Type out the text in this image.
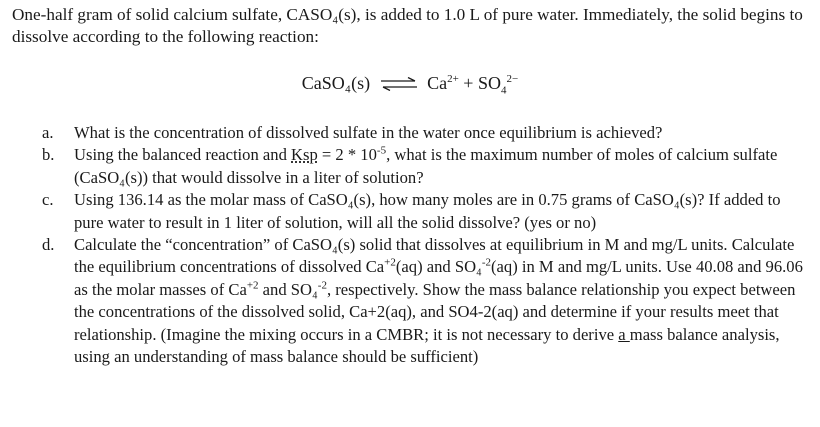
One-half gram of solid calcium sulfate, CASO₄(s), is added to 1.0 L of pure water. Immediately, the solid begins to dissolve according to the following reaction:
CaSO₄(s) ⇌ $Ca^{2+} + SO_4^{2-}$
a.	What is the concentration of dissolved sulfate in the water once equilibrium is achieved?
b.	Using the balanced reaction and Ksp = $2 * 10^{-5}$, what is the maximum number of moles of calcium sulfate (CaSO₄(s)) that would dissolve in a liter of solution?
c.	Using 136.14 as the molar mass of CaSO₄(s), how many moles are in 0.75 grams of CaSO₄(s)? If added to pure water to result in 1 liter of solution, will all the solid dissolve? (yes or no)
d.	Calculate the “concentration” of CaSO₄(s) solid that dissolves at equilibrium in M and mg/L units. Calculate the equilibrium concentrations of dissolved $Ca^{+2}(aq)$ and SO₄$^{-2}$(aq) in M and mg/L units. Use 40.08 and 96.06 as the molar masses of $Ca^{+2}$ and SO₄$^{-2}$, respectively. Show the mass balance relationship you expect between the concentrations of the dissolved solid, Ca+2(aq), and SO4-2(aq) and determine if your results meet that relationship. (Imagine the mixing occurs in a CMBR; it is not necessary to derive a mass balance analysis, using an understanding of mass balance should be sufficient)
